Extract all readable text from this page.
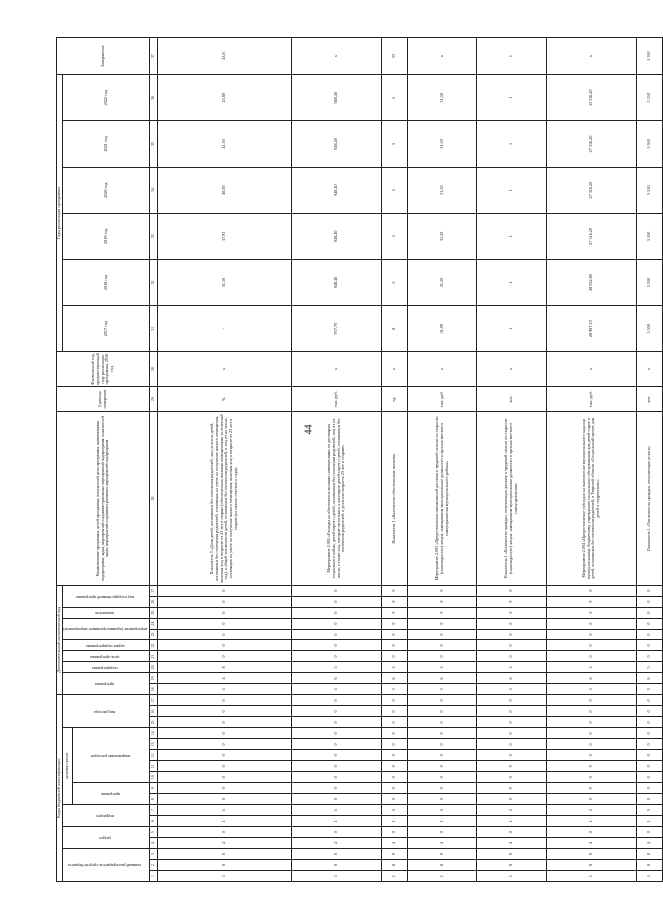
44
Коды бюджетной классификации																	Дополнительный аналитический код										Наименование программы, целей программы, показателей цели программы, наименования подпрограмм, задач, мероприятий и административных мероприятий подпрограмм, показателей задач, мероприятий и административных мероприятий подпрограмм	Единица измерения	Фактический год, предшествующий году реализации программы, 2016 год	Годы реализации программы						Завершение
главный распорядитель средств бюджета			раздел		подраздел		целевая статья							вид расхода			программа		подпрограмма	цель программы	задача подпрограммы	мероприятие (административное мероприятие)		показатель	код государственной программы					2017 год	2018 год	2019 год	2020 год	2021 год	2022 год	
							программа		направление расходов																											
1	2	3	4	5	6	7	8	9	10	11	12	13	14	15	16	17	18	19	20	21	22	23	24	25	26	27	28	29	30	31	32	33	34	35	36	37
1	8	0	4	0	1	5	0	0	0	0	0	0	0	0	0	0	3	4	8	0	0	0	0	0	0	0	Показатель 3 «Доля детей, оставшихся без попечения родителей, лиц из числа детей, оставшихся без попечения родителей, состоящих на учете на получение жилого помещения, включая лиц в возрасте от 23 лет и старше (обеспеченных жилыми помещениями за отчетный год), в общей численности детей, оставшихся без попечения родителей, и лиц из их числа, состоящих на учете на получение жилого помещения, включая лиц в возрасте от 23 лет и старше (на начало отчетного года)»	%	x	-	31,10	37,95	40,00	41,30	43,80	43,8
1	8	0	4	0	1	5	0	0	0	0	0	0	0	0	0	0	3	6	5	0	0	0	0	0	0	0	Мероприятие 2.005 «Расходы на обеспечение жилыми помещениями по договорам социального найма, детей-сирот и детей, оставшихся без попечения родителей, лиц из их числа, а также лиц, которые относились к категории детей-сирот и детей, оставшихся без попечения родителей, и достигли возраста 23 лет и старше»	тыс. руб.	x	937,70	948,40	948,40	948,40	948,40	948,40	x
1	8	0	4	0	1	5	0	0	0	0	0	0	0	0	0	0	3	6	5	0	0	0	0	0	0	0	Показатель 1 «Количество обеспеченных жильем»	ед.	x	8	5	5	5	5	5	33
1	8	0	4	0	1	5	0	0	0	0	0	0	0	0	0	0	3	6	5	0	0	0	0	0	0	0	Мероприятие 2.003 «Предоставление ежемесячной доплаты к трудовой пенсии по старости (инвалидности) лицам, замещавшим муниципальные должности в органах местного самоуправления муниципального района»	тыс. руб.	x	31,09	31,50	31,50	31,50	31,50	31,50	x
1	8	0	4	0	1	5	0	0	0	0	0	0	0	0	0	0	3	6	5	0	0	0	0	0	0	0	Показатель 1 «Количество граждан, получающих доплату к трудовой пенсии по старости (инвалидности) лицам, замещавшим муниципальные должности в органах местного самоуправления»	чел.	x	1	1	1	1	1	1	1
1	8	0	4	0	1	5	0	0	0	0	0	0	0	0	0	0	3	6	5	0	0	0	0	0	0	0	Мероприятие 2.004 «Предоставление субсидии на выполнение муниципального задания муниципальному бюджетному учреждению социального обслуживания для детей-сирот и детей, оставшихся без попечения родителей, в Тверской области «Социальный приют для детей и подростков»»	тыс. руб.	x	28 987,10	28 052,80	27 316,20	27 316,20	27 316,20	33 316,20	x
1	8	0	4	0	1	5	0	0	0	0	0	0	0	0	0	0	3	6	5	0	0	0	0	0	0	0	Показатель 1 «Численность граждан, получающих услуги»	чел.	x	5 550	5 550	5 550	5 550	5 550	5 550	5 550
